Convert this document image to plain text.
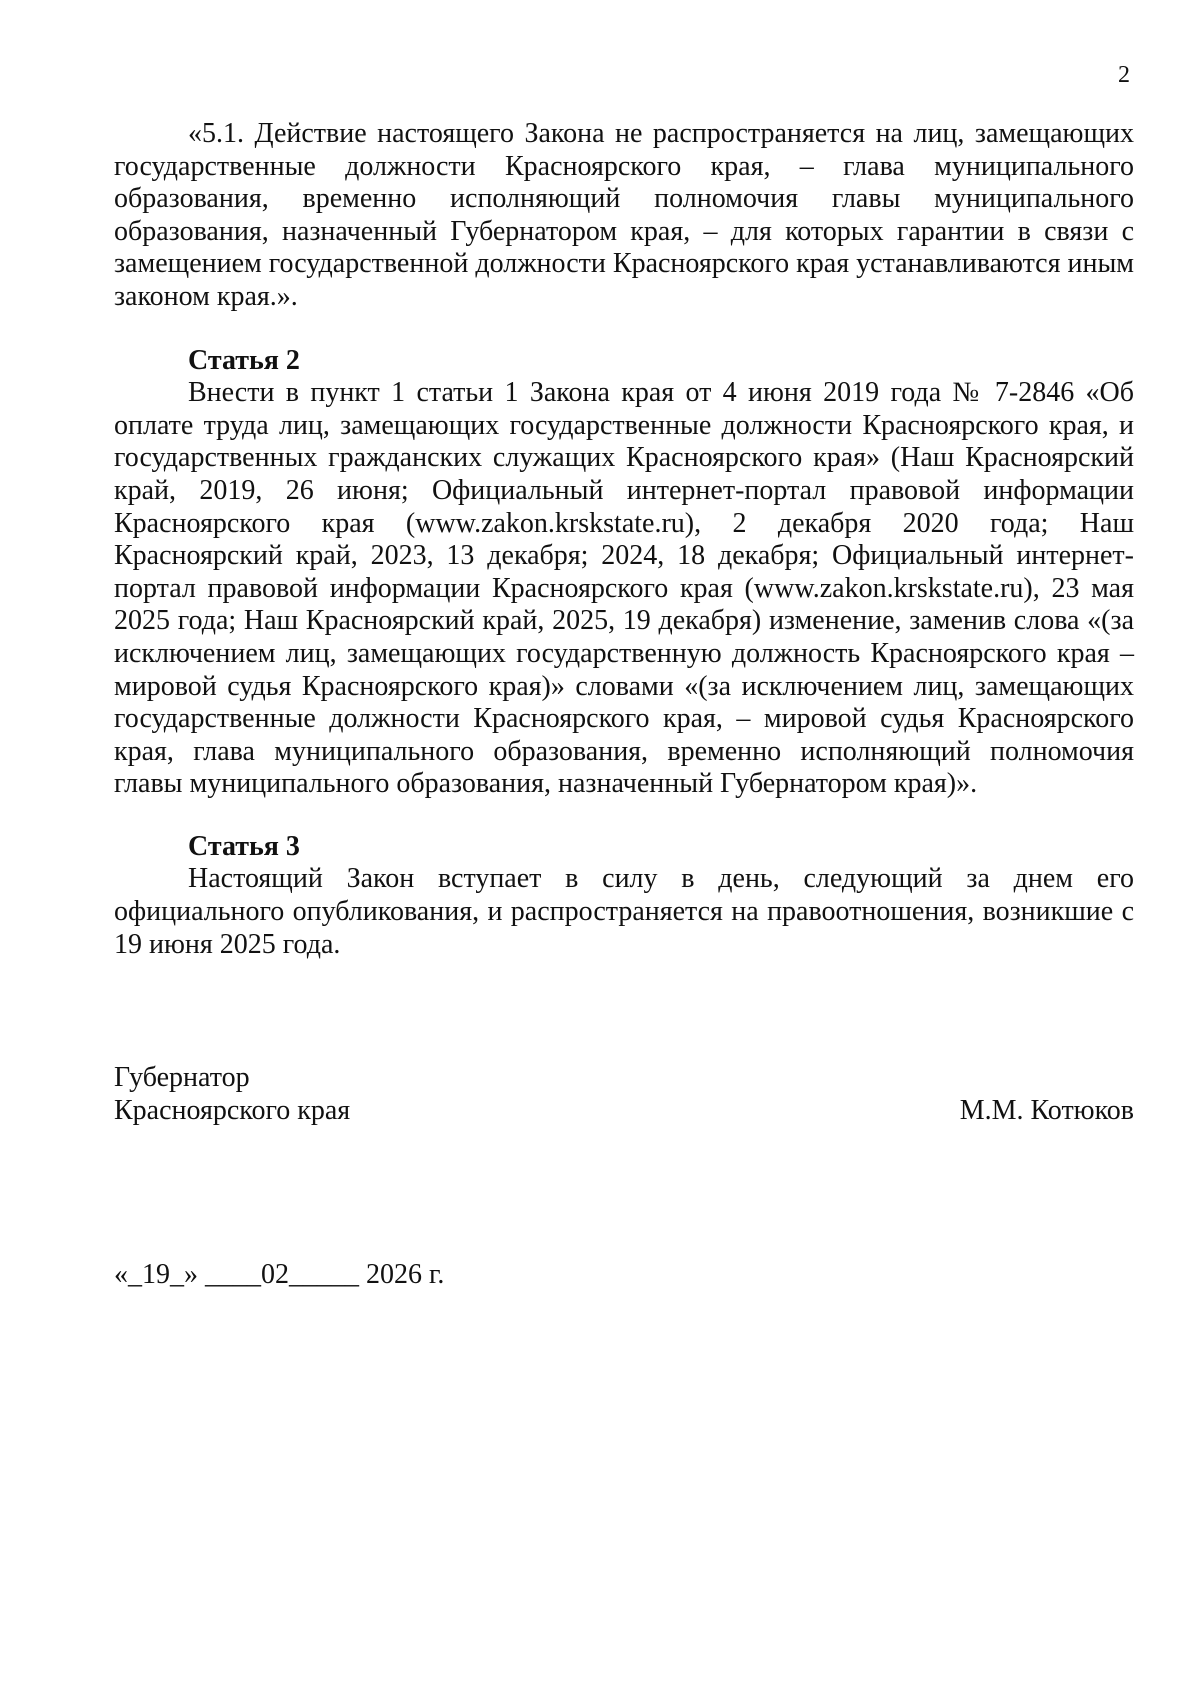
2

«5.1. Действие настоящего Закона не распространяется на лиц, замещающих государственные должности Красноярского края, – глава муниципального образования, временно исполняющий полномочия главы муниципального образования, назначенный Губернатором края, – для которых гарантии в связи с замещением государственной должности Красноярского края устанавливаются иным законом края.».

Статья 2

Внести в пункт 1 статьи 1 Закона края от 4 июня 2019 года № 7-2846 «Об оплате труда лиц, замещающих государственные должности Красноярского края, и государственных гражданских служащих Красноярского края» (Наш Красноярский край, 2019, 26 июня; Официальный интернет-портал правовой информации Красноярского края (www.zakon.krskstate.ru), 2 декабря 2020 года; Наш Красноярский край, 2023, 13 декабря; 2024, 18 декабря; Официальный интернет-портал правовой информации Красноярского края (www.zakon.krskstate.ru), 23 мая 2025 года; Наш Красноярский край, 2025, 19 декабря) изменение, заменив слова «(за исключением лиц, замещающих государственную должность Красноярского края – мировой судья Красноярского края)» словами «(за исключением лиц, замещающих государственные должности Красноярского края, – мировой судья Красноярского края, глава муниципального образования, временно исполняющий полномочия главы муниципального образования, назначенный Губернатором края)».

Статья 3

Настоящий Закон вступает в силу в день, следующий за днем его официального опубликования, и распространяется на правоотношения, возникшие с 19 июня 2025 года.

Губернатор
Красноярского края	М.М. Котюков
«_19_» ____02_____ 2026 г.
